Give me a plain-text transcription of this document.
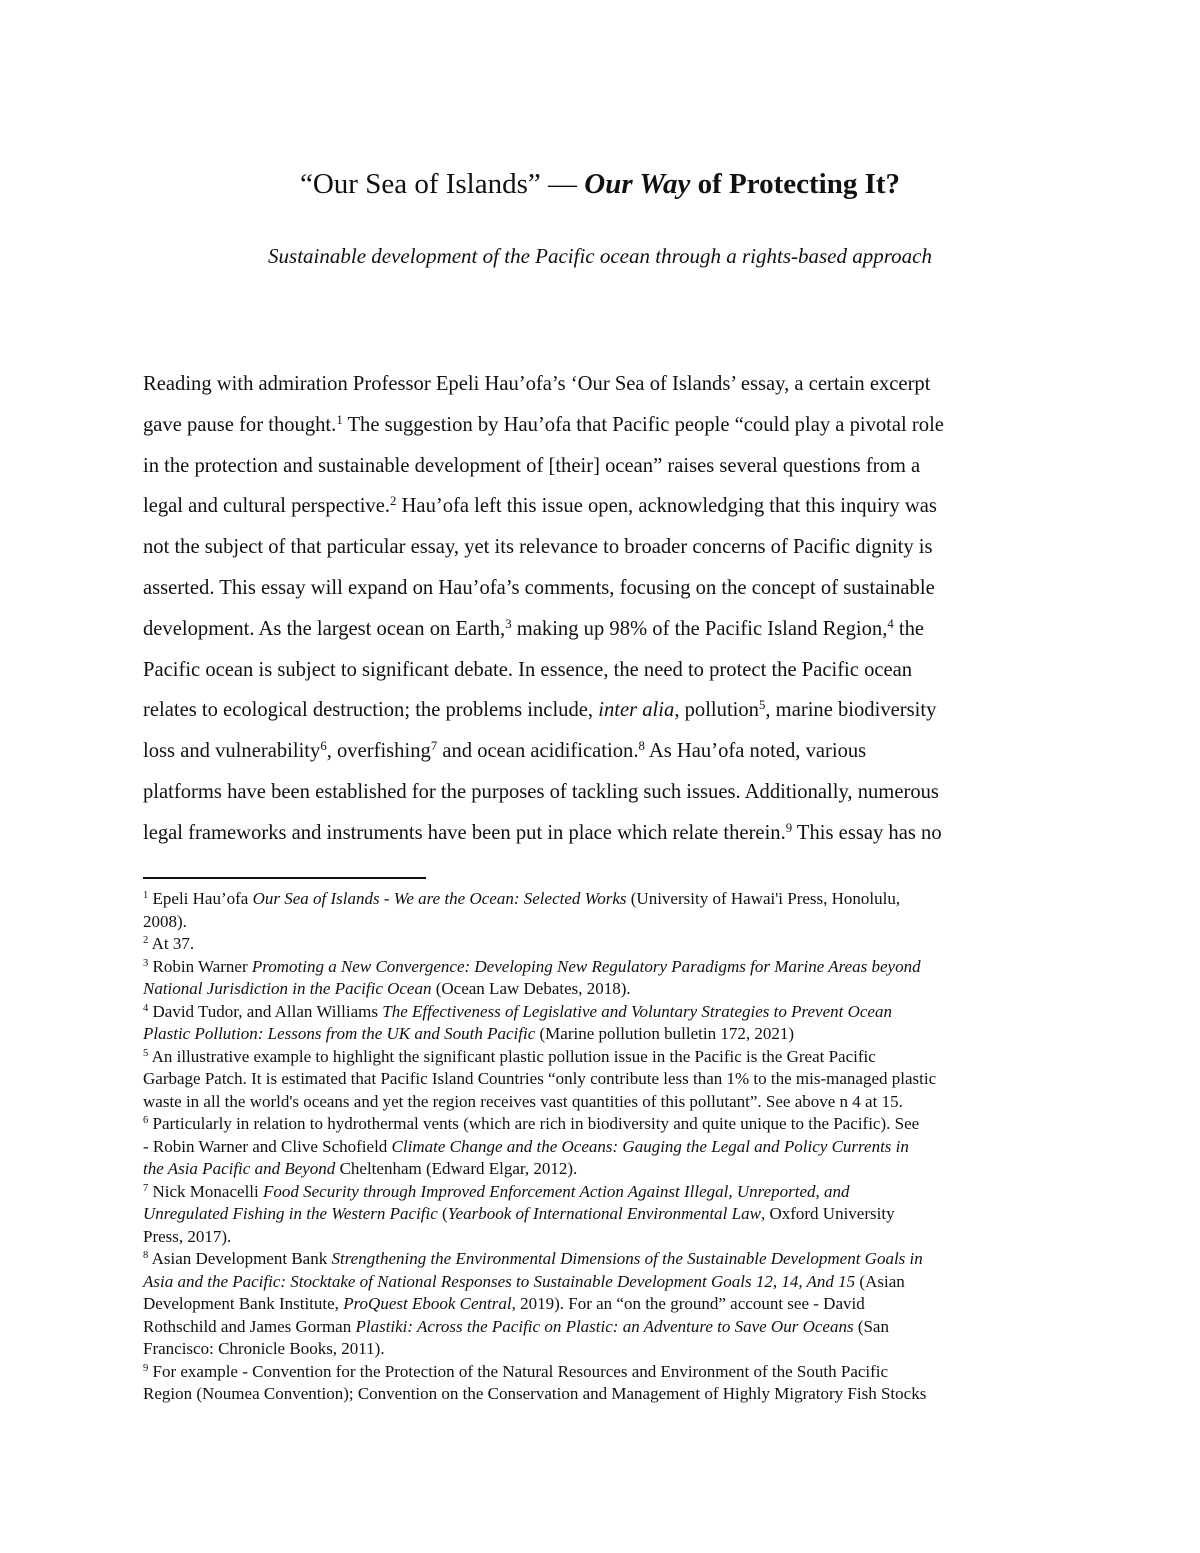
“Our Sea of Islands” — Our Way of Protecting It?
Sustainable development of the Pacific ocean through a rights-based approach
Reading with admiration Professor Epeli Hau’ofa’s ‘Our Sea of Islands’ essay, a certain excerpt
gave pause for thought.$^1$ The suggestion by Hau’ofa that Pacific people “could play a pivotal role
in the protection and sustainable development of [their] ocean” raises several questions from a
legal and cultural perspective.$^2$ Hau’ofa left this issue open, acknowledging that this inquiry was
not the subject of that particular essay, yet its relevance to broader concerns of Pacific dignity is
asserted. This essay will expand on Hau’ofa’s comments, focusing on the concept of sustainable
development. As the largest ocean on Earth,$^3$ making up 98% of the Pacific Island Region,$^4$ the
Pacific ocean is subject to significant debate. In essence, the need to protect the Pacific ocean
relates to ecological destruction; the problems include, inter alia, pollution$^5$, marine biodiversity
loss and vulnerability$^6$, overfishing$^7$ and ocean acidification.$^8$ As Hau’ofa noted, various
platforms have been established for the purposes of tackling such issues. Additionally, numerous
legal frameworks and instruments have been put in place which relate therein.$^9$ This essay has no
$^1$ Epeli Hau’ofa Our Sea of Islands - We are the Ocean: Selected Works (University of Hawai'i Press, Honolulu,
2008).
$^2$ At 37.
$^3$ Robin Warner Promoting a New Convergence: Developing New Regulatory Paradigms for Marine Areas beyond
National Jurisdiction in the Pacific Ocean (Ocean Law Debates, 2018).
$^4$ David Tudor, and Allan Williams The Effectiveness of Legislative and Voluntary Strategies to Prevent Ocean
Plastic Pollution: Lessons from the UK and South Pacific (Marine pollution bulletin 172, 2021)
$^5$ An illustrative example to highlight the significant plastic pollution issue in the Pacific is the Great Pacific
Garbage Patch. It is estimated that Pacific Island Countries “only contribute less than 1% to the mis-managed plastic
waste in all the world's oceans and yet the region receives vast quantities of this pollutant”. See above n 4 at 15.
$^6$ Particularly in relation to hydrothermal vents (which are rich in biodiversity and quite unique to the Pacific). See
- Robin Warner and Clive Schofield Climate Change and the Oceans: Gauging the Legal and Policy Currents in
the Asia Pacific and Beyond Cheltenham (Edward Elgar, 2012).
$^7$ Nick Monacelli Food Security through Improved Enforcement Action Against Illegal, Unreported, and
Unregulated Fishing in the Western Pacific (Yearbook of International Environmental Law, Oxford University
Press, 2017).
$^8$ Asian Development Bank Strengthening the Environmental Dimensions of the Sustainable Development Goals in
Asia and the Pacific: Stocktake of National Responses to Sustainable Development Goals 12, 14, And 15 (Asian
Development Bank Institute, ProQuest Ebook Central, 2019). For an “on the ground” account see - David
Rothschild and James Gorman Plastiki: Across the Pacific on Plastic: an Adventure to Save Our Oceans (San
Francisco: Chronicle Books, 2011).
$^9$ For example - Convention for the Protection of the Natural Resources and Environment of the South Pacific
Region (Noumea Convention); Convention on the Conservation and Management of Highly Migratory Fish Stocks
